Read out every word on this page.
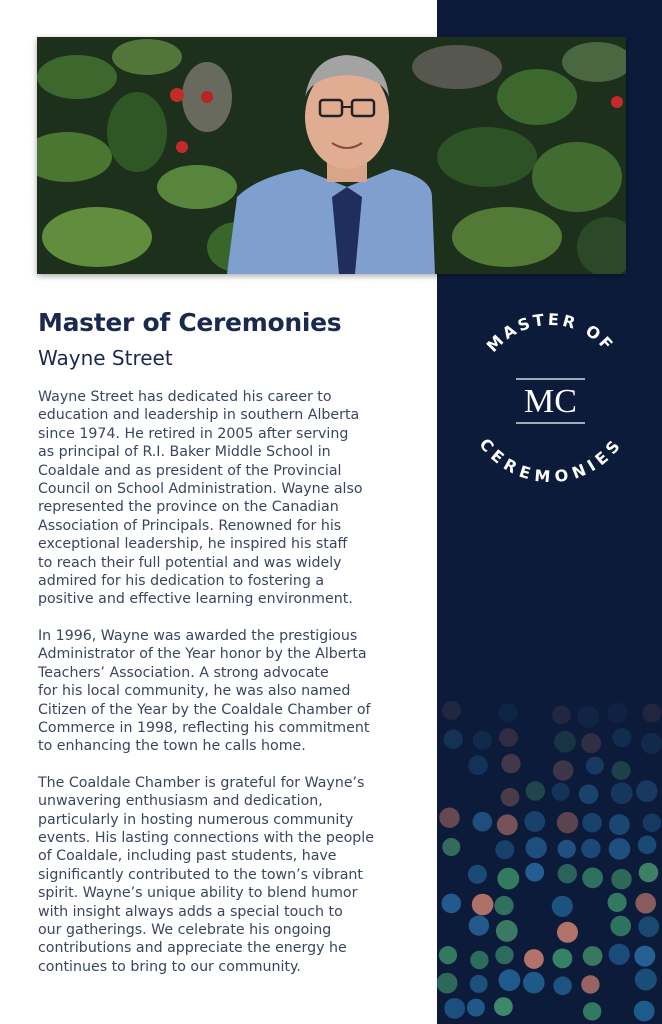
Master of Ceremonies
Wayne Street

Wayne Street has dedicated his career to
education and leadership in southern Alberta
since 1974. He retired in 2005 after serving
as principal of R.I. Baker Middle School in
Coaldale and as president of the Provincial
Council on School Administration. Wayne also
represented the province on the Canadian
Association of Principals. Renowned for his
exceptional leadership, he inspired his staff
to reach their full potential and was widely
admired for his dedication to fostering a
positive and effective learning environment.

In 1996, Wayne was awarded the prestigious
Administrator of the Year honor by the Alberta
Teachers’ Association. A strong advocate
for his local community, he was also named
Citizen of the Year by the Coaldale Chamber of
Commerce in 1998, reflecting his commitment
to enhancing the town he calls home.

The Coaldale Chamber is grateful for Wayne’s
unwavering enthusiasm and dedication,
particularly in hosting numerous community
events. His lasting connections with the people
of Coaldale, including past students, have
significantly contributed to the town’s vibrant
spirit. Wayne’s unique ability to blend humor
with insight always adds a special touch to
our gatherings. We celebrate his ongoing
contributions and appreciate the energy he
continues to bring to our community.

MASTER OF
CEREMONIES
MC
